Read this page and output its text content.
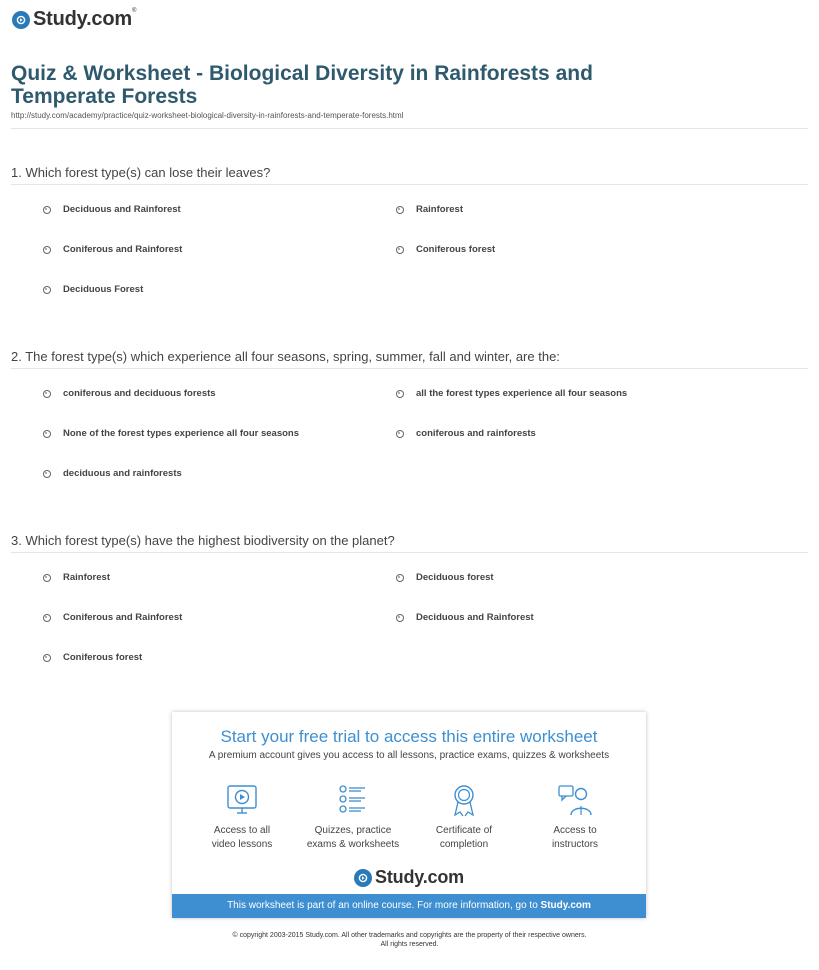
Study.com®
Quiz & Worksheet - Biological Diversity in Rainforests and Temperate Forests
http://study.com/academy/practice/quiz-worksheet-biological-diversity-in-rainforests-and-temperate-forests.html
1. Which forest type(s) can lose their leaves?
Deciduous and Rainforest	Rainforest
Coniferous and Rainforest	Coniferous forest
Deciduous Forest
2. The forest type(s) which experience all four seasons, spring, summer, fall and winter, are the:
coniferous and deciduous forests	all the forest types experience all four seasons
None of the forest types experience all four seasons	coniferous and rainforests
deciduous and rainforests
3. Which forest type(s) have the highest biodiversity on the planet?
Rainforest	Deciduous forest
Coniferous and Rainforest	Deciduous and Rainforest
Coniferous forest
Start your free trial to access this entire worksheet
A premium account gives you access to all lessons, practice exams, quizzes & worksheets
Access to all
video lessons
Quizzes, practice
exams & worksheets
Certificate of
completion
Access to
instructors
Study.com
This worksheet is part of an online course. For more information, go to Study.com
© copyright 2003-2015 Study.com. All other trademarks and copyrights are the property of their respective owners.
All rights reserved.
